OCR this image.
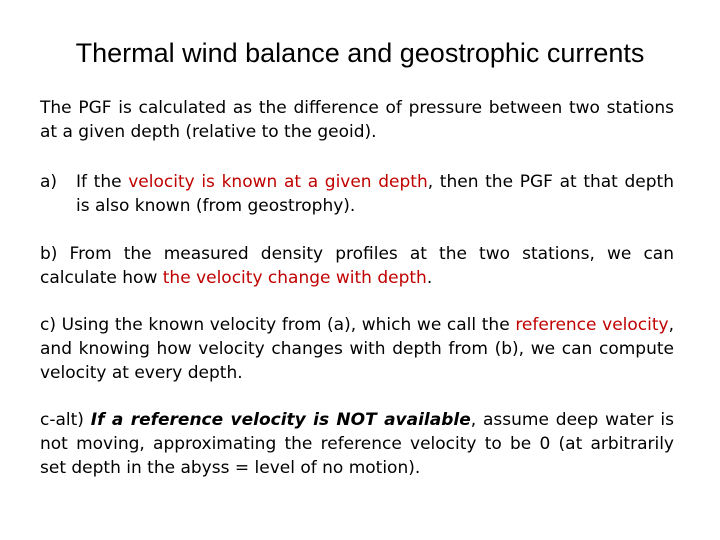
Thermal wind balance and geostrophic currents
The PGF is calculated as the difference of pressure between two stations at a given depth (relative to the geoid).
a)	If the velocity is known at a given depth, then the PGF at that depth is also known (from geostrophy).
b) From the measured density profiles at the two stations, we can calculate how the velocity change with depth.
c) Using the known velocity from (a), which we call the reference velocity, and knowing how velocity changes with depth from (b), we can compute velocity at every depth.
c-alt) If a reference velocity is NOT available, assume deep water is not moving, approximating the reference velocity to be 0 (at arbitrarily set depth in the abyss = level of no motion).
